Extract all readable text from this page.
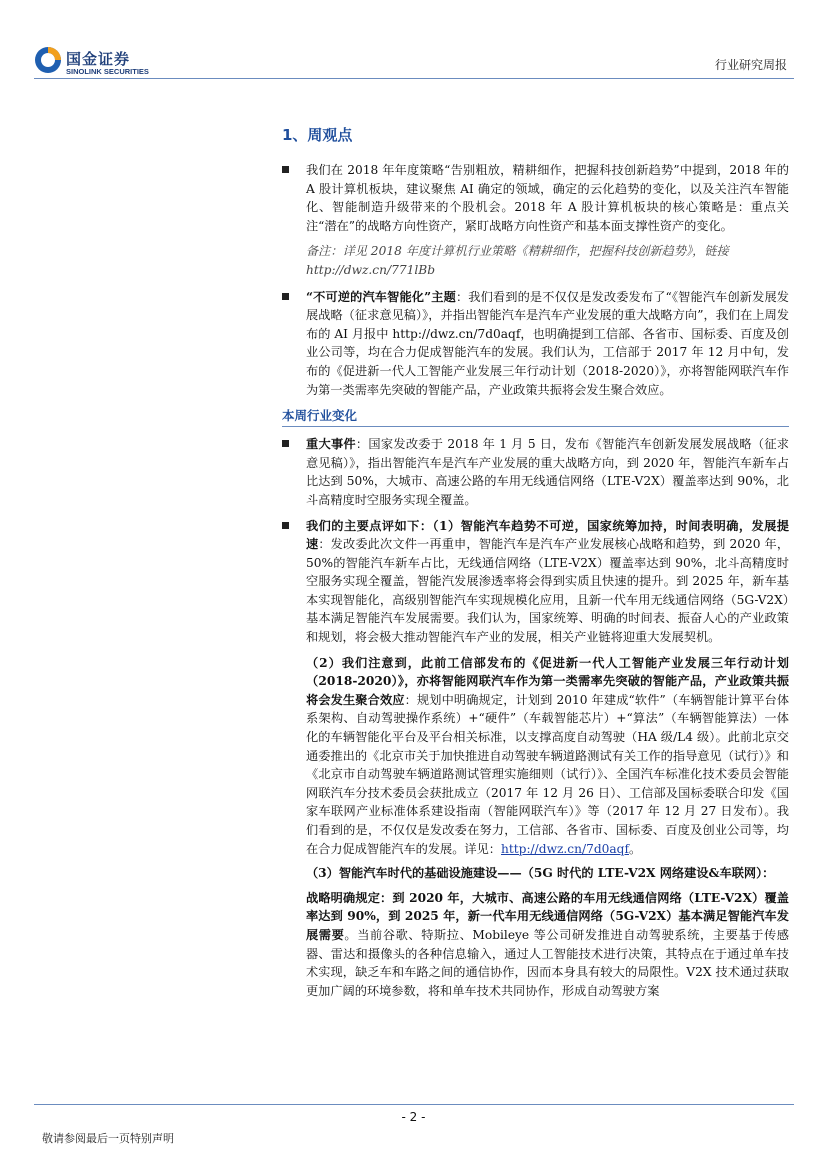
国金证券
SINOLINK SECURITIES	行业研究周报
1、周观点
我们在 2018 年年度策略“告别粗放，精耕细作，把握科技创新趋势”中提到，2018 年的 A 股计算机板块，建议聚焦 AI 确定的领域，确定的云化趋势的变化，以及关注汽车智能化、智能制造升级带来的个股机会。2018 年 A 股计算机板块的核心策略是：重点关注“潜在”的战略方向性资产，紧盯战略方向性资产和基本面支撑性资产的变化。
备注：详见 2018 年度计算机行业策略《精耕细作，把握科技创新趋势》，链接 http://dwz.cn/771lBb
“不可逆的汽车智能化”主题：我们看到的是不仅仅是发改委发布了“《智能汽车创新发展发展战略（征求意见稿）》，并指出智能汽车是汽车产业发展的重大战略方向”，我们在上周发布的 AI 月报中 http://dwz.cn/7d0aqf，也明确提到工信部、各省市、国标委、百度及创业公司等，均在合力促成智能汽车的发展。我们认为，工信部于 2017 年 12 月中旬，发布的《促进新一代人工智能产业发展三年行动计划（2018-2020）》，亦将智能网联汽车作为第一类需率先突破的智能产品，产业政策共振将会发生聚合效应。
本周行业变化
重大事件：国家发改委于 2018 年 1 月 5 日，发布《智能汽车创新发展发展战略（征求意见稿）》，指出智能汽车是汽车产业发展的重大战略方向，到 2020 年，智能汽车新车占比达到 50%，大城市、高速公路的车用无线通信网络（LTE-V2X）覆盖率达到 90%，北斗高精度时空服务实现全覆盖。
我们的主要点评如下：（1）智能汽车趋势不可逆，国家统筹加持，时间表明确，发展提速：发改委此次文件一再重申，智能汽车是汽车产业发展核心战略和趋势，到 2020 年，50%的智能汽车新车占比，无线通信网络（LTE-V2X）覆盖率达到 90%，北斗高精度时空服务实现全覆盖，智能汽发展渗透率将会得到实质且快速的提升。到 2025 年，新车基本实现智能化，高级别智能汽车实现规模化应用，且新一代车用无线通信网络（5G-V2X）基本满足智能汽车发展需要。我们认为，国家统筹、明确的时间表、振奋人心的产业政策和规划，将会极大推动智能汽车产业的发展，相关产业链将迎重大发展契机。
（2）我们注意到，此前工信部发布的《促进新一代人工智能产业发展三年行动计划（2018-2020）》，亦将智能网联汽车作为第一类需率先突破的智能产品，产业政策共振将会发生聚合效应：规划中明确规定，计划到 2010 年建成“软件”（车辆智能计算平台体系架构、自动驾驶操作系统）+“硬件”（车载智能芯片）+“算法”（车辆智能算法）一体化的车辆智能化平台及平台相关标准，以支撑高度自动驾驶（HA 级/L4 级）。此前北京交通委推出的《北京市关于加快推进自动驾驶车辆道路测试有关工作的指导意见（试行）》和《北京市自动驾驶车辆道路测试管理实施细则（试行）》、全国汽车标准化技术委员会智能网联汽车分技术委员会获批成立（2017 年 12 月 26 日）、工信部及国标委联合印发《国家车联网产业标准体系建设指南（智能网联汽车）》等（2017 年 12 月 27 日发布）。我们看到的是，不仅仅是发改委在努力，工信部、各省市、国标委、百度及创业公司等，均在合力促成智能汽车的发展。详见：http://dwz.cn/7d0aqf。
（3）智能汽车时代的基础设施建设——（5G 时代的 LTE-V2X 网络建设&车联网）：
战略明确规定：到 2020 年，大城市、高速公路的车用无线通信网络（LTE-V2X）覆盖率达到 90%，到 2025 年，新一代车用无线通信网络（5G-V2X）基本满足智能汽车发展需要。当前谷歌、特斯拉、Mobileye 等公司研发推进自动驾驶系统，主要基于传感器、雷达和摄像头的各种信息输入，通过人工智能技术进行决策，其特点在于通过单车技术实现，缺乏车和车路之间的通信协作，因而本身具有较大的局限性。V2X 技术通过获取更加广阔的环境参数，将和单车技术共同协作，形成自动驾驶方案
- 2 -
敬请参阅最后一页特别声明
